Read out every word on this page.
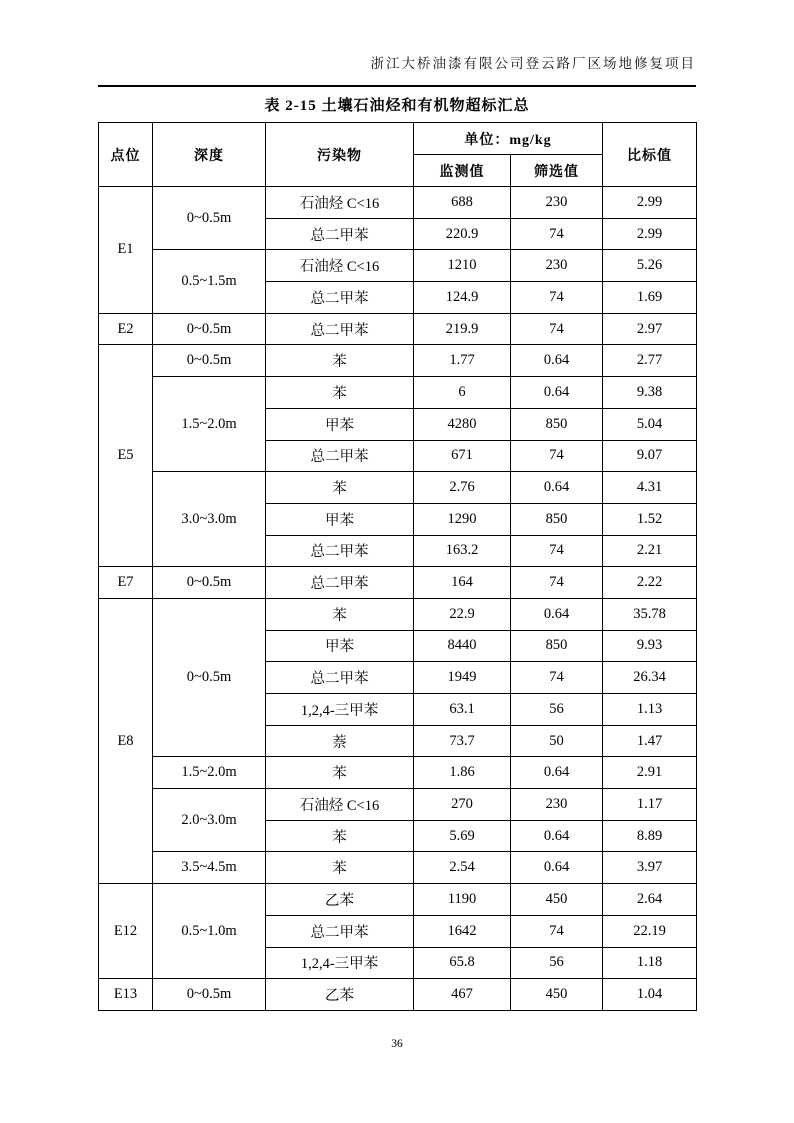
浙江大桥油漆有限公司登云路厂区场地修复项目
表 2-15 土壤石油烃和有机物超标汇总
点位	深度	污染物	单位：mg/kg		比标值
			监测值	筛选值	
E1	0~0.5m	石油烃 C<16	688	230	2.99
		总二甲苯	220.9	74	2.99
	0.5~1.5m	石油烃 C<16	1210	230	5.26
		总二甲苯	124.9	74	1.69
E2	0~0.5m	总二甲苯	219.9	74	2.97
E5	0~0.5m	苯	1.77	0.64	2.77
	1.5~2.0m	苯	6	0.64	9.38
		甲苯	4280	850	5.04
		总二甲苯	671	74	9.07
	3.0~3.0m	苯	2.76	0.64	4.31
		甲苯	1290	850	1.52
		总二甲苯	163.2	74	2.21
E7	0~0.5m	总二甲苯	164	74	2.22
E8	0~0.5m	苯	22.9	0.64	35.78
		甲苯	8440	850	9.93
		总二甲苯	1949	74	26.34
		1,2,4-三甲苯	63.1	56	1.13
		萘	73.7	50	1.47
	1.5~2.0m	苯	1.86	0.64	2.91
	2.0~3.0m	石油烃 C<16	270	230	1.17
		苯	5.69	0.64	8.89
	3.5~4.5m	苯	2.54	0.64	3.97
E12	0.5~1.0m	乙苯	1190	450	2.64
		总二甲苯	1642	74	22.19
		1,2,4-三甲苯	65.8	56	1.18
E13	0~0.5m	乙苯	467	450	1.04
36
